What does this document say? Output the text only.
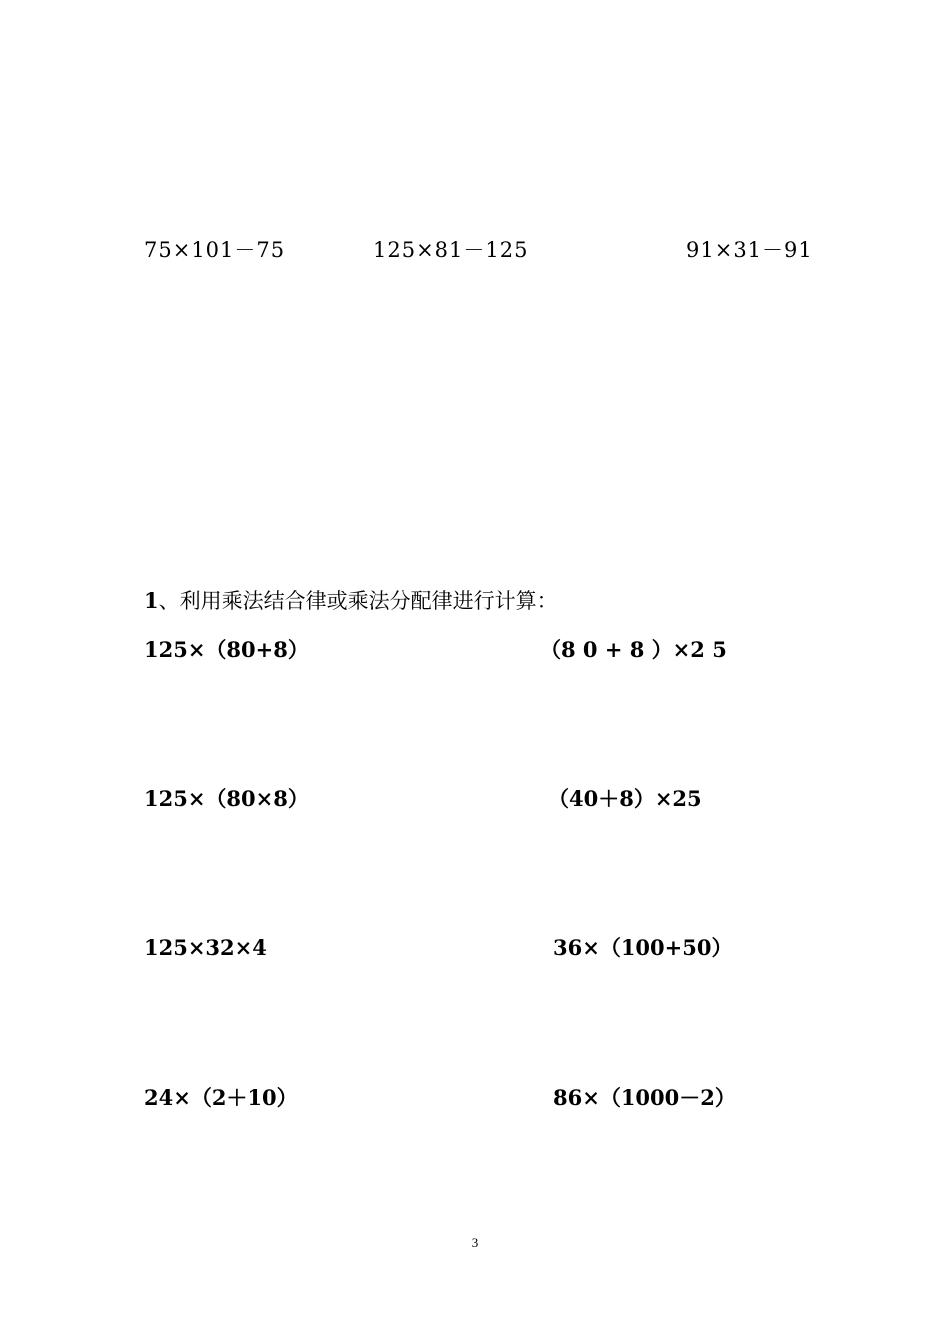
75×101－75	125×81－125	91×31－91
1、利用乘法结合律或乘法分配律进行计算：
125×（80+8）	（8 0 + 8 ）×2 5
125×（80×8）	（40＋8）×25
125×32×4	36×（100+50）
24×（2＋10）	86×（1000－2）
3
